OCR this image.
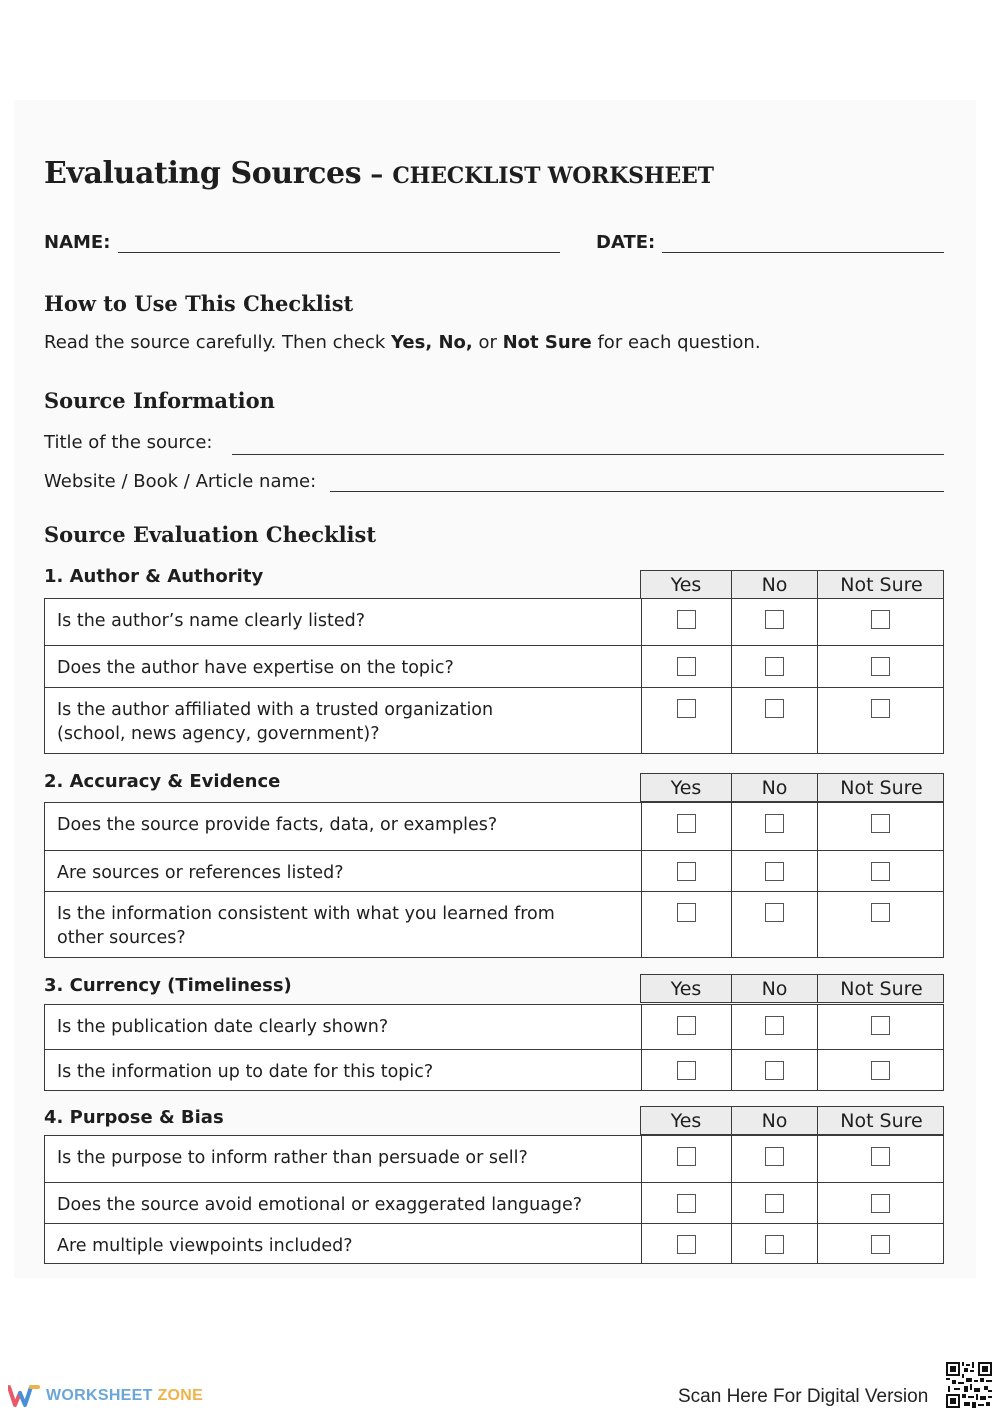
Evaluating Sources – CHECKLIST WORKSHEET
NAME:	DATE:
How to Use This Checklist
Read the source carefully. Then check Yes, No, or Not Sure for each question.
Source Information
Title of the source:
Website / Book / Article name:
Source Evaluation Checklist
1. Author & Authority	Yes	No	Not Sure
Is the author’s name clearly listed?
Does the author have expertise on the topic?
Is the author affiliated with a trusted organization
(school, news agency, government)?
2. Accuracy & Evidence	Yes	No	Not Sure
Does the source provide facts, data, or examples?
Are sources or references listed?
Is the information consistent with what you learned from
other sources?
3. Currency (Timeliness)	Yes	No	Not Sure
Is the publication date clearly shown?
Is the information up to date for this topic?
4. Purpose & Bias	Yes	No	Not Sure
Is the purpose to inform rather than persuade or sell?
Does the source avoid emotional or exaggerated language?
Are multiple viewpoints included?
WORKSHEET ZONE	Scan Here For Digital Version
